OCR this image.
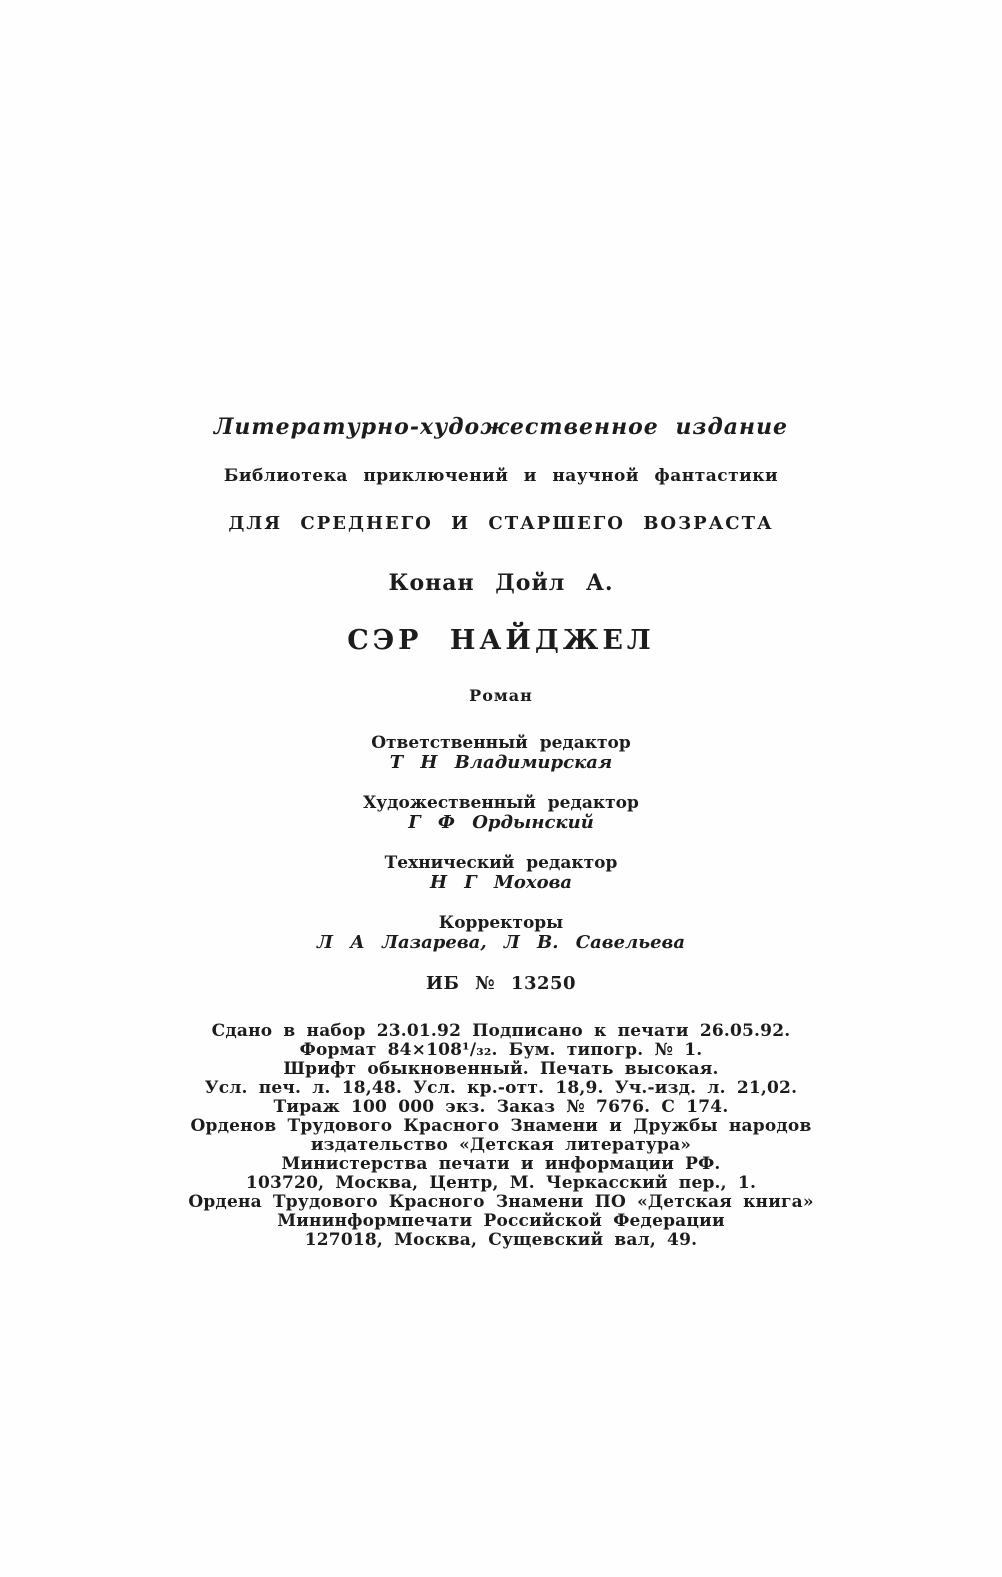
Литературно-художественное издание
Библиотека приключений и научной фантастики
ДЛЯ СРЕДНЕГО И СТАРШЕГО ВОЗРАСТА
Конан Дойл А.
СЭР НАЙДЖЕЛ
Роман
Ответственный редактор
Т Н Владимирская
Художественный редактор
Г Ф Ордынский
Технический редактор
Н Г Мохова
Корректоры
Л А Лазарева, Л В. Савельева
ИБ № 13250
Сдано в набор 23.01.92 Подписано к печати 26.05.92.
Формат 84×108¹/₃₂. Бум. типогр. № 1.
Шрифт обыкновенный. Печать высокая.
Усл. печ. л. 18,48. Усл. кр.-отт. 18,9. Уч.-изд. л. 21,02.
Тираж 100 000 экз. Заказ № 7676. С 174.
Орденов Трудового Красного Знамени и Дружбы народов
издательство «Детская литература»
Министерства печати и информации РФ.
103720, Москва, Центр, М. Черкасский пер., 1.
Ордена Трудового Красного Знамени ПО «Детская книга»
Мининформпечати Российской Федерации
127018, Москва, Сущевский вал, 49.
